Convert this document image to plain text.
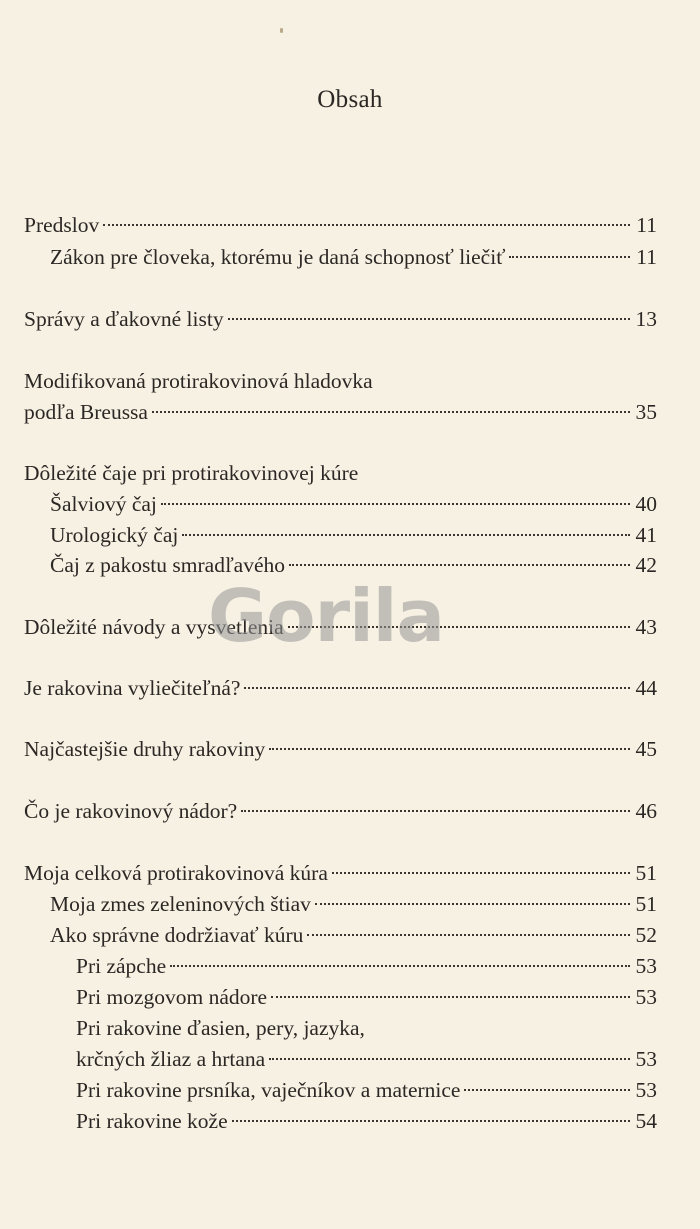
Obsah
Predslov	11
Zákon pre človeka, ktorému je daná schopnosť liečiť	11
Správy a ďakovné listy	13
Modifikovaná protirakovinová hladovka
podľa Breussa	35
Dôležité čaje pri protirakovinovej kúre
Šalviový čaj	40
Urologický čaj	41
Čaj z pakostu smradľavého	42
Dôležité návody a vysvetlenia	43
Je rakovina vyliečiteľná?	44
Najčastejšie druhy rakoviny	45
Čo je rakovinový nádor?	46
Moja celková protirakovinová kúra	51
Moja zmes zeleninových štiav	51
Ako správne dodržiavať kúru	52
Pri zápche	53
Pri mozgovom nádore	53
Pri rakovine ďasien, pery, jazyka,
krčných žliaz a hrtana	53
Pri rakovine prsníka, vaječníkov a maternice	53
Pri rakovine kože	54
Gorila
